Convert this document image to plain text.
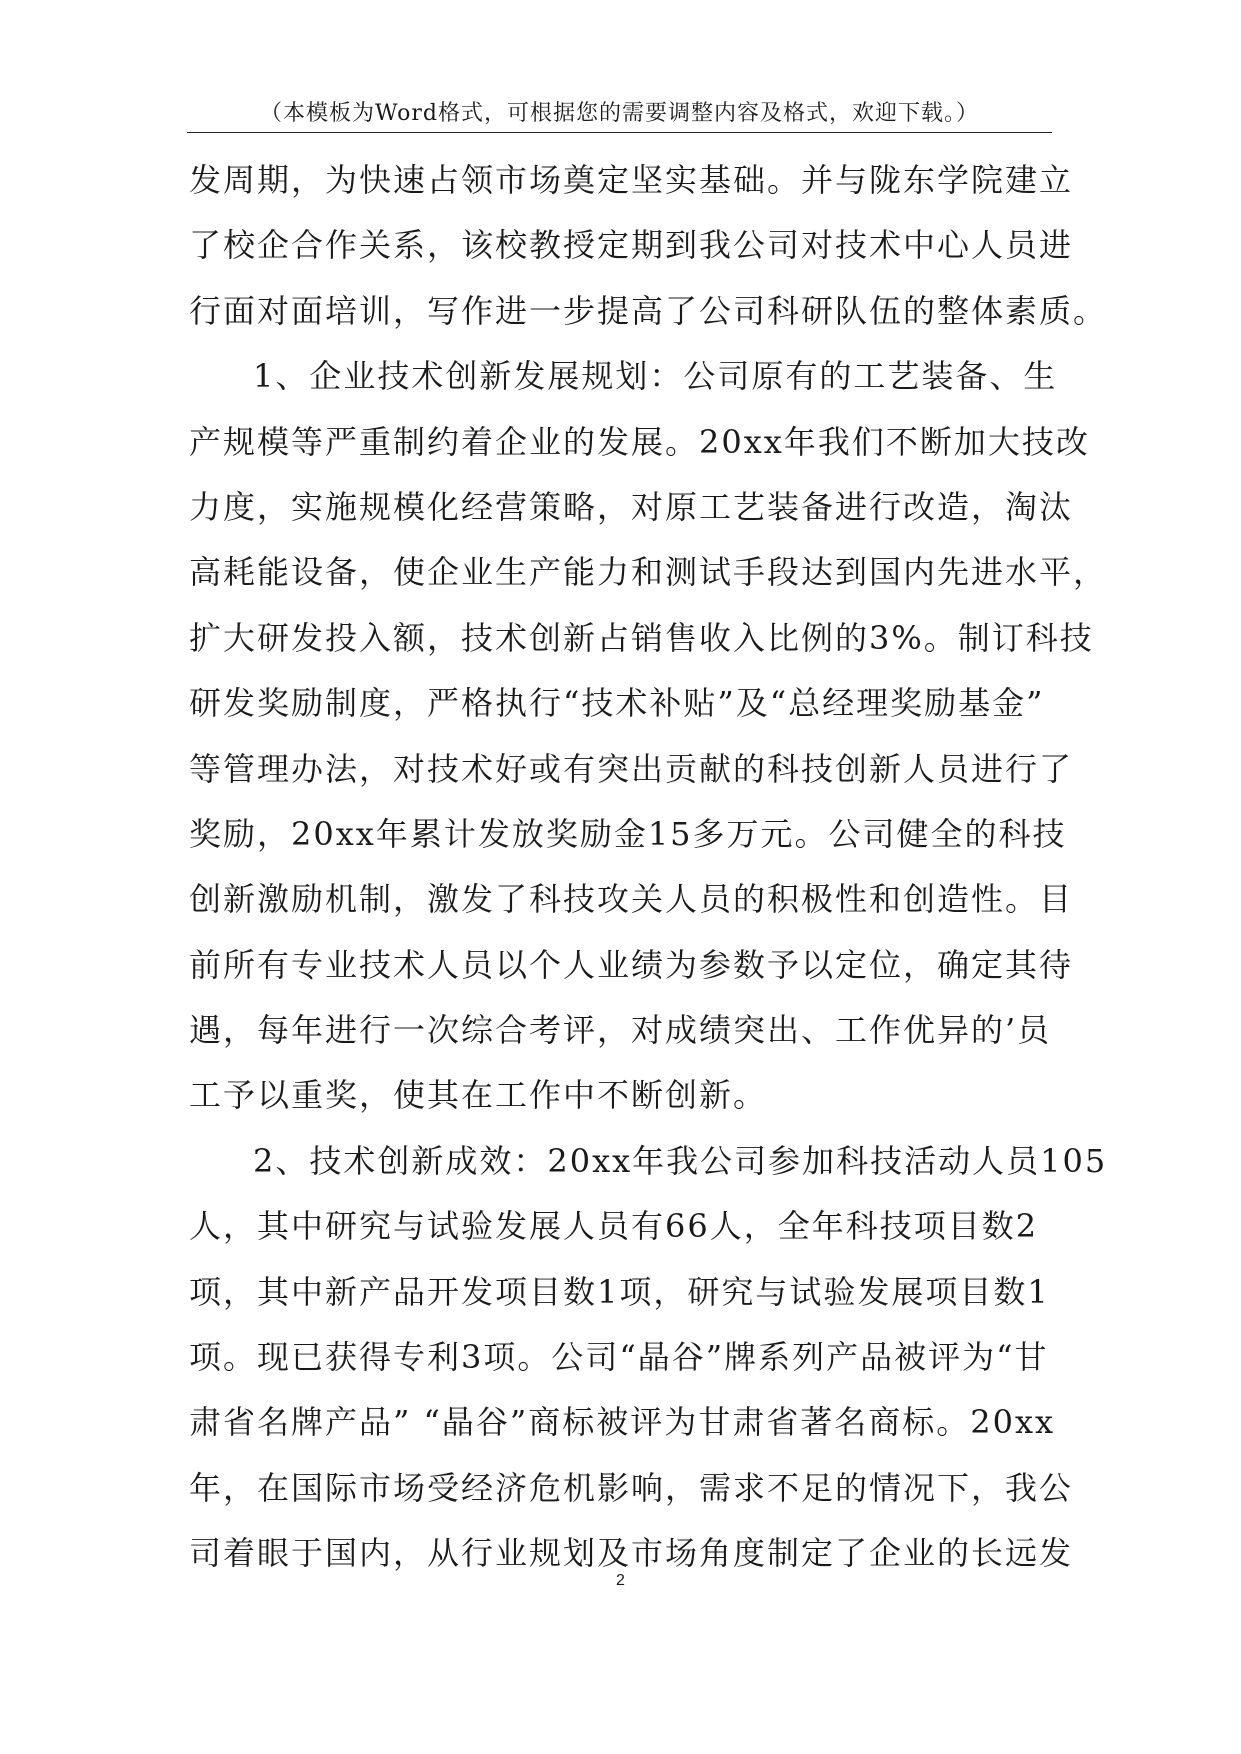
（本模板为Word格式，可根据您的需要调整内容及格式，欢迎下载。）
发周期，为快速占领市场奠定坚实基础。并与陇东学院建立
了校企合作关系，该校教授定期到我公司对技术中心人员进
行面对面培训，写作进一步提高了公司科研队伍的整体素质。
1、企业技术创新发展规划：公司原有的工艺装备、生
产规模等严重制约着企业的发展。20xx年我们不断加大技改
力度，实施规模化经营策略，对原工艺装备进行改造，淘汰
高耗能设备，使企业生产能力和测试手段达到国内先进水平，
扩大研发投入额，技术创新占销售收入比例的3%。制订科技
研发奖励制度，严格执行“技术补贴”及“总经理奖励基金”
等管理办法，对技术好或有突出贡献的科技创新人员进行了
奖励，20xx年累计发放奖励金15多万元。公司健全的科技
创新激励机制，激发了科技攻关人员的积极性和创造性。目
前所有专业技术人员以个人业绩为参数予以定位，确定其待
遇，每年进行一次综合考评，对成绩突出、工作优异的’员
工予以重奖，使其在工作中不断创新。
2、技术创新成效：20xx年我公司参加科技活动人员105
人，其中研究与试验发展人员有66人，全年科技项目数2
项，其中新产品开发项目数1项，研究与试验发展项目数1
项。现已获得专利3项。公司“晶谷”牌系列产品被评为“甘
肃省名牌产品” “晶谷”商标被评为甘肃省著名商标。20xx
年，在国际市场受经济危机影响，需求不足的情况下，我公
司着眼于国内，从行业规划及市场角度制定了企业的长远发
2
